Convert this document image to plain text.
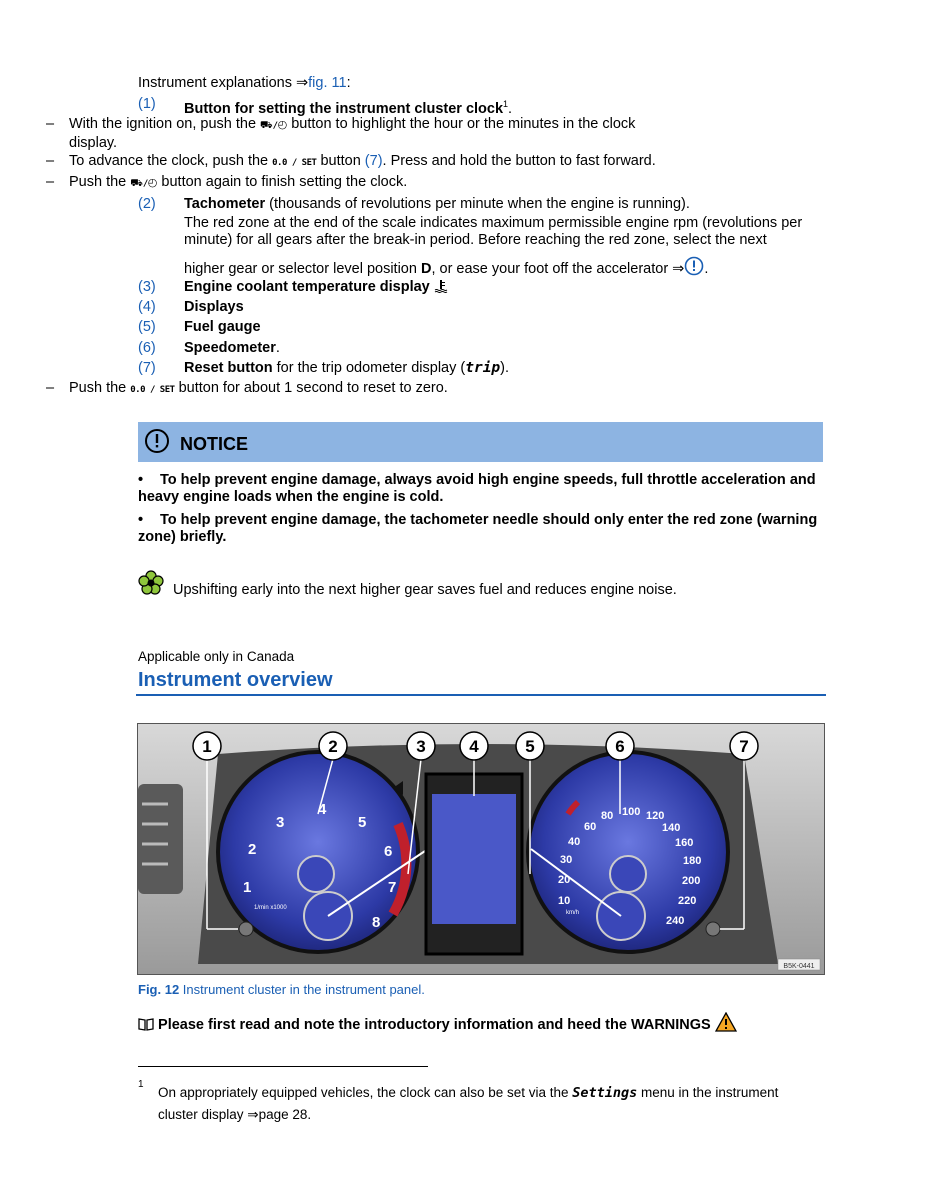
Instrument explanations ⇒fig. 11:
(1) Button for setting the instrument cluster clock$^1$.
– With the ignition on, push the ⛟/◴ button to highlight the hour or the minutes in the clock
display.
– To advance the clock, push the 0.0 / SET button (7). Press and hold the button to fast forward.
– Push the ⛟/◴ button again to finish setting the clock.
(2) Tachometer (thousands of revolutions per minute when the engine is running).
The red zone at the end of the scale indicates maximum permissible engine rpm (revolutions per minute) for all gears after the break-in period. Before reaching the red zone, select the next
higher gear or selector level position D, or ease your foot off the accelerator ⇒ .
(3) Engine coolant temperature display
(4) Displays
(5) Fuel gauge
(6) Speedometer.
(7) Reset button for the trip odometer display (trip).
– Push the 0.0 / SET button for about 1 second to reset to zero.
NOTICE
• To help prevent engine damage, always avoid high engine speeds, full throttle acceleration and heavy engine loads when the engine is cold.
• To help prevent engine damage, the tachometer needle should only enter the red zone (warning zone) briefly.
Upshifting early into the next higher gear saves fuel and reduces engine noise.
Applicable only in Canada
Instrument overview
1
2
3
4
5
6
7
8
1/min x1000
10
20
30
40
60
80 100 120
140
160
180
200
220
240
km/h
1	2	3	4	5	6	7
B5K-0441
Fig. 12 Instrument cluster in the instrument panel.
Please first read and note the introductory information and heed the WARNINGS
1
On appropriately equipped vehicles, the clock can also be set via the Settings menu in the instrument
cluster display ⇒page 28.
